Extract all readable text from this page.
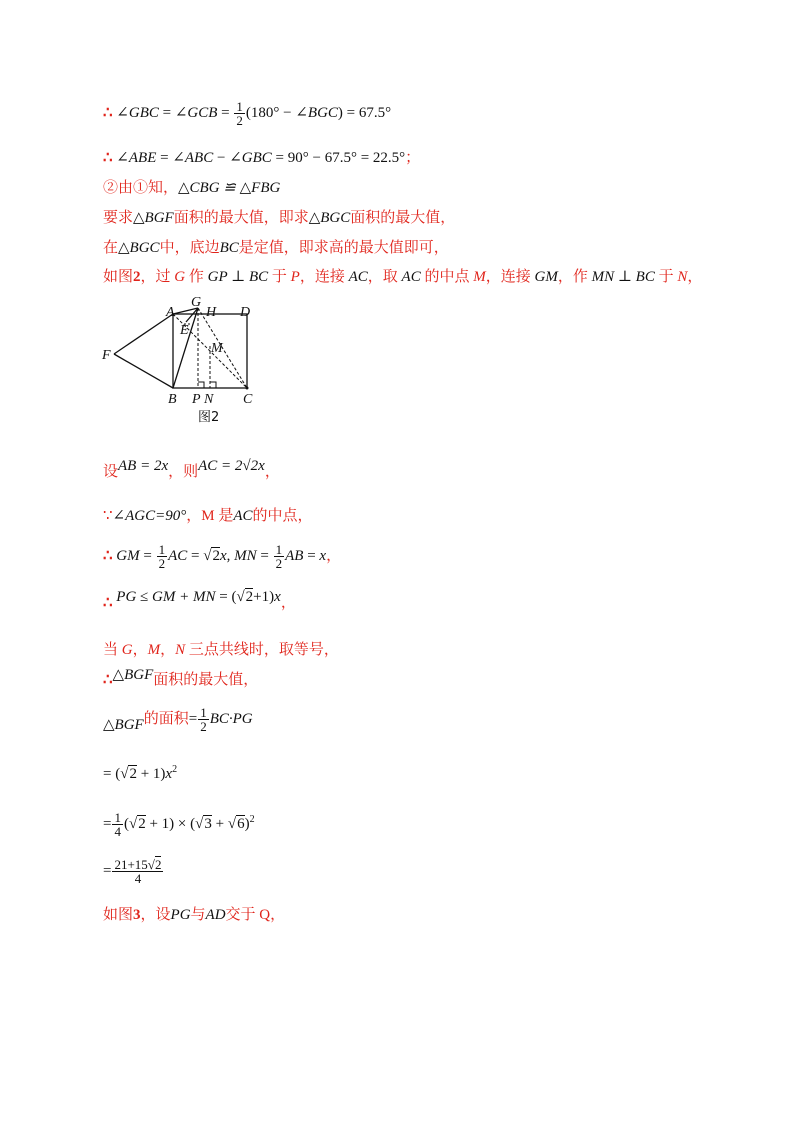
∴ ∠GBC = ∠GCB = $\frac{1}{2} (180^\circ$ − ∠BGC) = 67.5°
∴ ∠ABE = ∠ABC − ∠GBC = 90° − 67.5° = 22.5°；
②由①知，△CBG ≌ △FBG
要求△BGF面积的最大值，即求△BGC面积的最大值，
在△BGC中，底边BC是定值，即求高的最大值即可，
如图2，过 G 作 GP ⊥ BC 于 P，连接 AC，取 AC 的中点 M，连接 GM，作 MN ⊥ BC 于 N，
G
A H D
E
M
F
B P N C
图2
设AB = 2x，则AC = 2√2x，
∵∠AGC=90°，M 是AC的中点，
∴ GM = $\frac{1}{2}$ AC = √2x, MN = $\frac{1}{2}$ AB = x，
∴ PG ≤ GM + MN = (√2+1)x，
当 G，M，N 三点共线时，取等号，
∴△BGF面积的最大值，
△BGF的面积= $\frac{1}{2} BC\cdot PG$
= $(√2 + 1)x^2$
= $\frac{1}{4} (√2 + 1) \times (√3 + √6)^2$
= $\frac{21+15√2}{4}$
如图3，设PG与AD交于 Q，
